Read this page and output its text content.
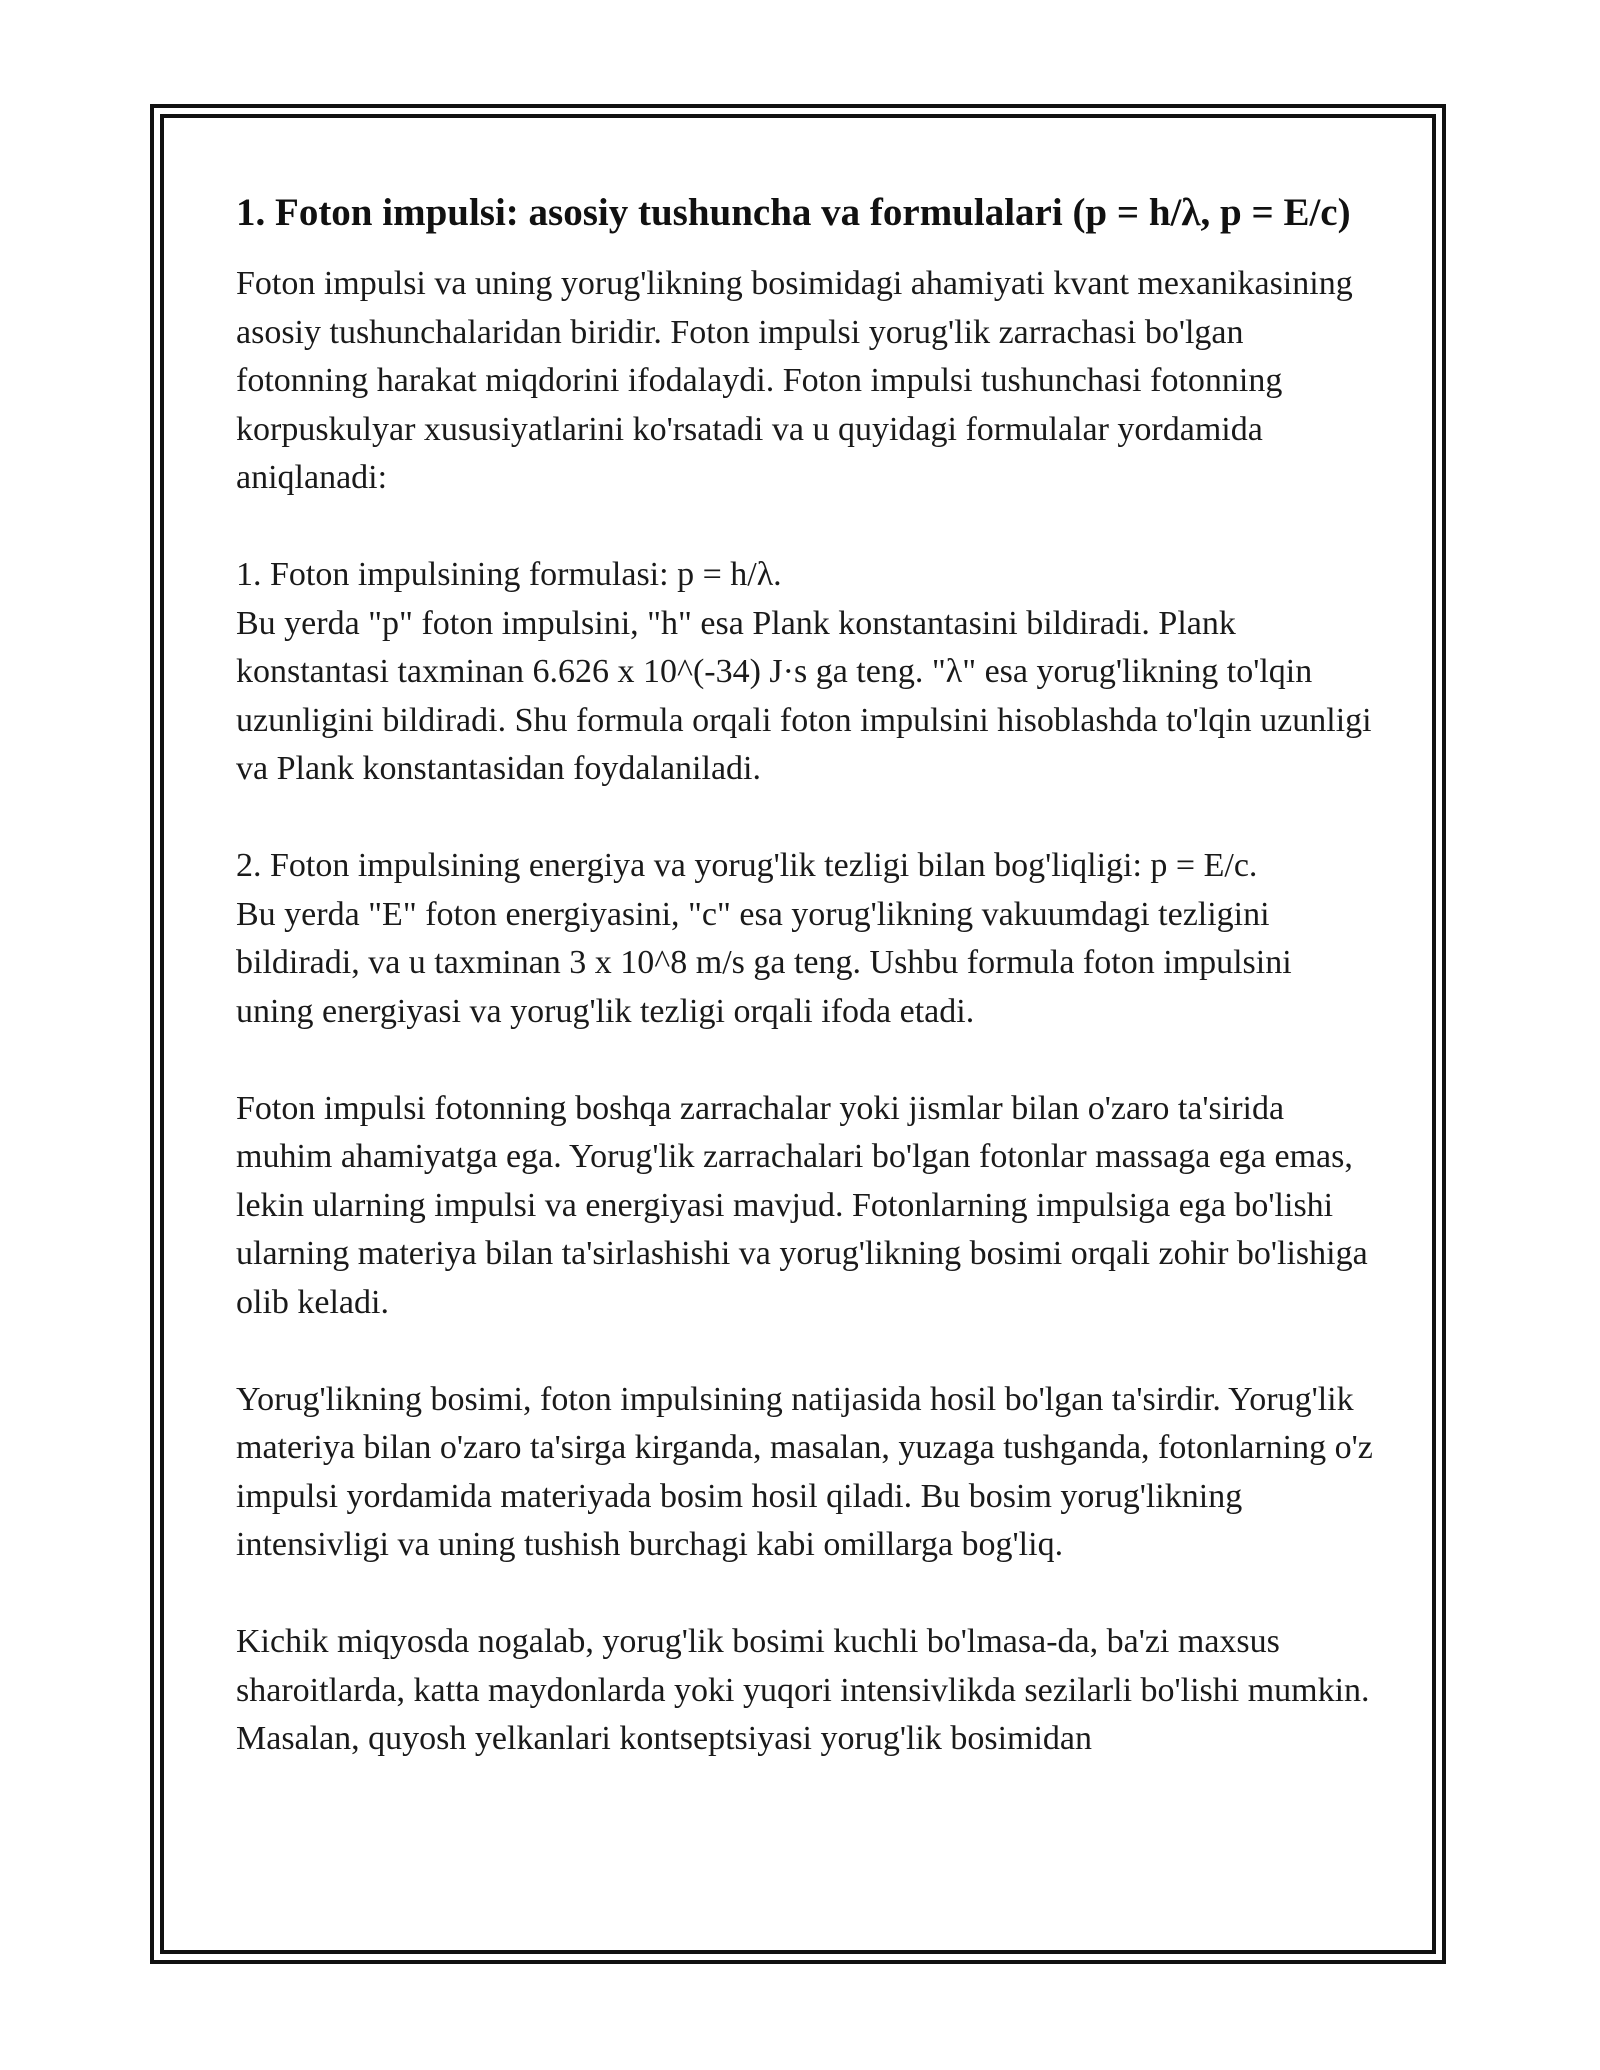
1. Foton impulsi: asosiy tushuncha va formulalari (p = h/λ, p = E/c)

Foton impulsi va uning yorug'likning bosimidagi ahamiyati kvant mexanikasining asosiy tushunchalaridan biridir. Foton impulsi yorug'lik zarrachasi bo'lgan fotonning harakat miqdorini ifodalaydi. Foton impulsi tushunchasi fotonning korpuskulyar xususiyatlarini ko'rsatadi va u quyidagi formulalar yordamida aniqlanadi:

1. Foton impulsining formulasi: p = h/λ.
Bu yerda "p" foton impulsini, "h" esa Plank konstantasini bildiradi. Plank konstantasi taxminan 6.626 x 10^(-34) J·s ga teng. "λ" esa yorug'likning to'lqin uzunligini bildiradi. Shu formula orqali foton impulsini hisoblashda to'lqin uzunligi va Plank konstantasidan foydalaniladi.

2. Foton impulsining energiya va yorug'lik tezligi bilan bog'liqligi: p = E/c.
Bu yerda "E" foton energiyasini, "c" esa yorug'likning vakuumdagi tezligini bildiradi, va u taxminan 3 x 10^8 m/s ga teng. Ushbu formula foton impulsini uning energiyasi va yorug'lik tezligi orqali ifoda etadi.

Foton impulsi fotonning boshqa zarrachalar yoki jismlar bilan o'zaro ta'sirida muhim ahamiyatga ega. Yorug'lik zarrachalari bo'lgan fotonlar massaga ega emas, lekin ularning impulsi va energiyasi mavjud. Fotonlarning impulsiga ega bo'lishi ularning materiya bilan ta'sirlashishi va yorug'likning bosimi orqali zohir bo'lishiga olib keladi.

Yorug'likning bosimi, foton impulsining natijasida hosil bo'lgan ta'sirdir. Yorug'lik materiya bilan o'zaro ta'sirga kirganda, masalan, yuzaga tushganda, fotonlarning o'z impulsi yordamida materiyada bosim hosil qiladi. Bu bosim yorug'likning intensivligi va uning tushish burchagi kabi omillarga bog'liq.

Kichik miqyosda nogalab, yorug'lik bosimi kuchli bo'lmasa-da, ba'zi maxsus sharoitlarda, katta maydonlarda yoki yuqori intensivlikda sezilarli bo'lishi mumkin. Masalan, quyosh yelkanlari kontseptsiyasi yorug'lik bosimidan
